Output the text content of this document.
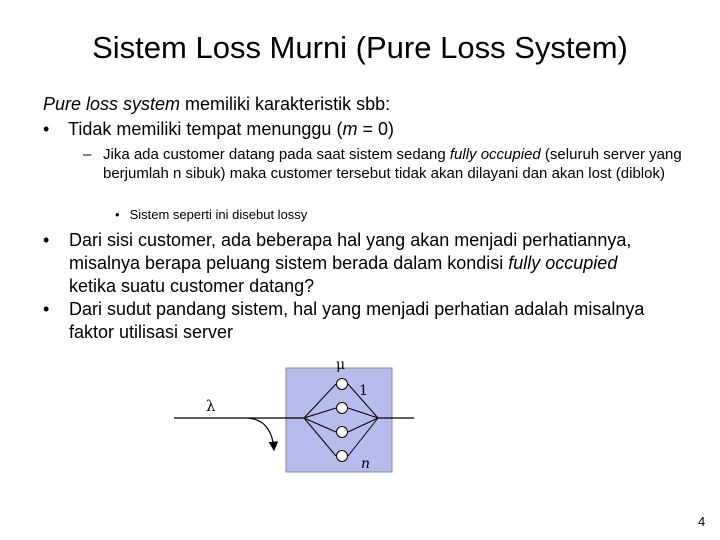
Sistem Loss Murni (Pure Loss System)
Pure loss system memiliki karakteristik sbb:
• Tidak memiliki tempat menunggu (m = 0)
– Jika ada customer datang pada saat sistem sedang fully occupied (seluruh server yang berjumlah n sibuk) maka customer tersebut tidak akan dilayani dan akan lost (diblok)
• Sistem seperti ini disebut lossy
• Dari sisi customer, ada beberapa hal yang akan menjadi perhatiannya, misalnya berapa peluang sistem berada dalam kondisi fully occupied ketika suatu customer datang?
• Dari sudut pandang sistem, hal yang menjadi perhatian adalah misalnya faktor utilisasi server
μ
λ
1
n
4
